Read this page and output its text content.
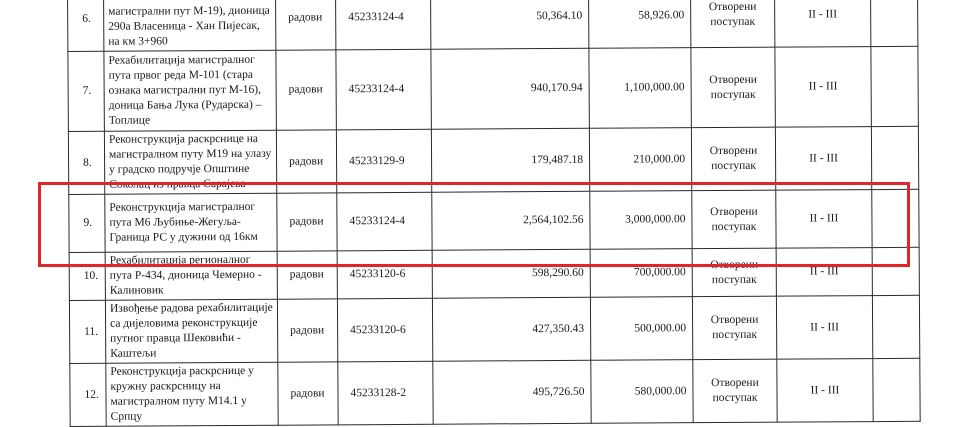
6.	магистрални пут М-19), дионица 290а Власеница - Хан Пијесак, на км 3+960	радови	45233124-4	50,364.10	58,926.00	Отворени поступак	II - III	
7.	Рехабилитација магистралног пута првог реда М-101 (стара ознака магистрални пут М-16), доница Бања Лука (Рударска) – Топлице	радови	45233124-4	940,170.94	1,100,000.00	Отворени поступак	II - III	
8.	Реконструкција раскрснице на магистралном путу М19 на улазу у градско подручје Општине Соколац из правца Сарајева	радови	45233129-9	179,487.18	210,000.00	Отворени поступак	II - III	
9.	Реконструкција магистралног пута М6 Љубиње-Жегуља-Граница РС у дужини од 16км	радови	45233124-4	2,564,102.56	3,000,000.00	Отворени поступак	II - III	
10.	Рехабилитација регионалног пута Р-434, дионица Чемерно - Калиновик	радови	45233120-6	598,290.60	700,000.00	Отворени поступак	II - III	
11.	Извођење радова рехабилитације са дијеловима реконструкције путног правца Шековићи - Каштељи	радови	45233120-6	427,350.43	500,000.00	Отворени поступак	II - III	
12.	Реконструкција раскрснице у кружну раскрсницу на магистралном путу М14.1 у Српцу	радови	45233128-2	495,726.50	580,000.00	Отворени поступак	II - III	
